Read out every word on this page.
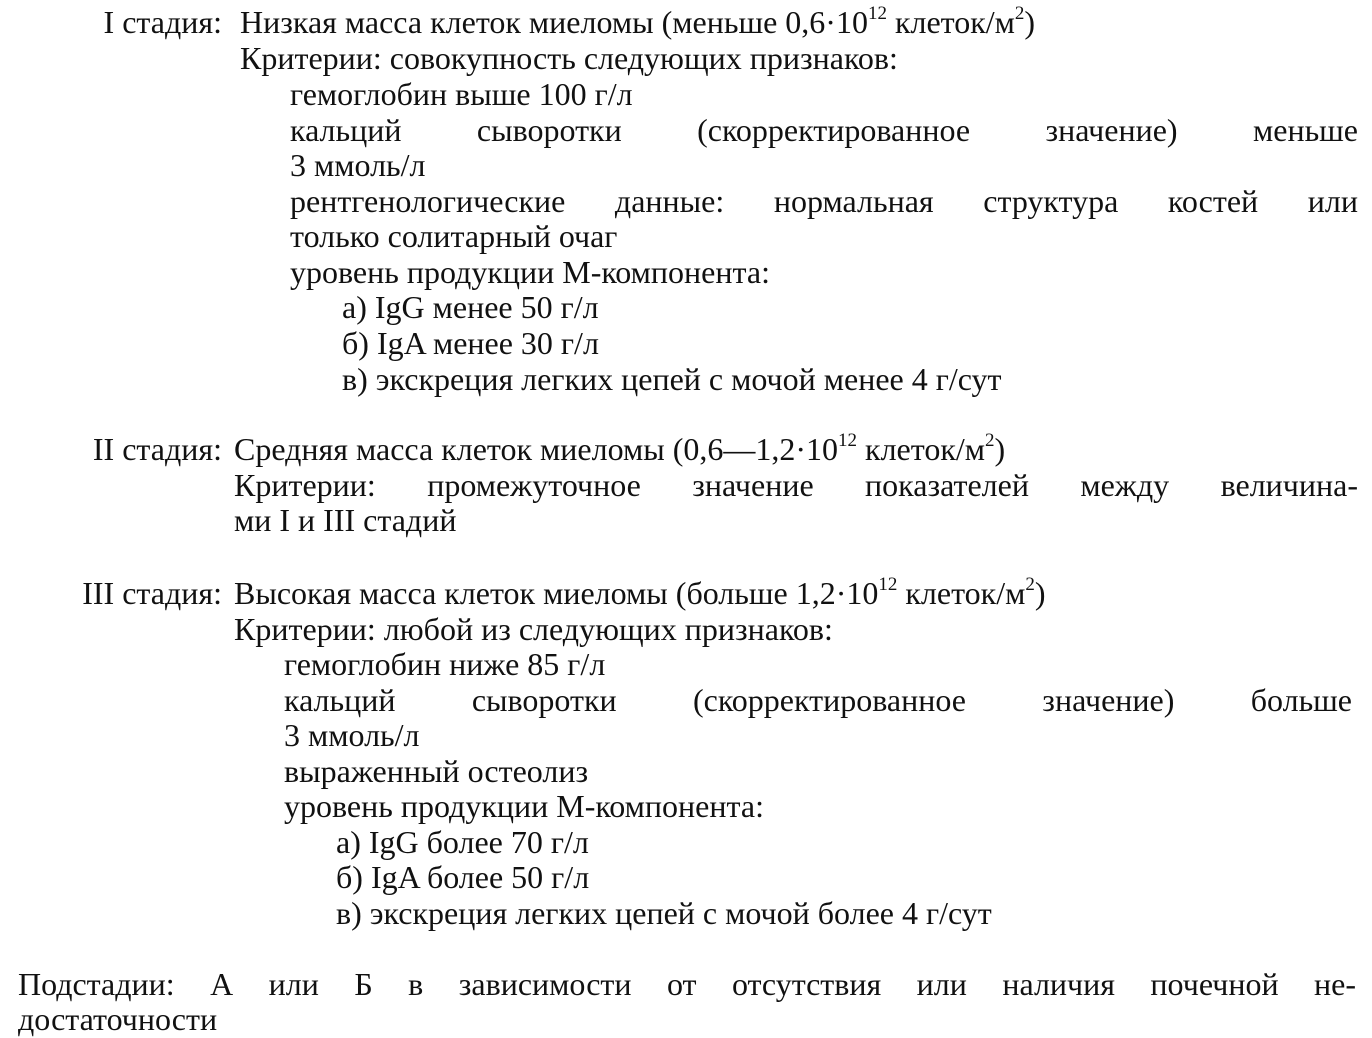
I стадия: Низкая масса клеток миеломы (меньше $0,6\cdot 10^{12}$ клеток/$м^2$)
Критерии: совокупность следующих признаков:
гемоглобин выше 100 г/л
кальций сыворотки (скорректированное значение) меньше
3 ммоль/л
рентгенологические данные: нормальная структура костей или
только солитарный очаг
уровень продукции М-компонента:
а) IgG менее 50 г/л
б) IgA менее 30 г/л
в) экскреция легких цепей с мочой менее 4 г/сут
II стадия: Средняя масса клеток миеломы ($0,6—1,2\cdot 10^{12}$ клеток/$м^2$)
Критерии: промежуточное значение показателей между величина-
ми I и III стадий
III стадия: Высокая масса клеток миеломы (больше $1,2\cdot 10^{12}$ клеток/$м^2$)
Критерии: любой из следующих признаков:
гемоглобин ниже 85 г/л
кальций сыворотки (скорректированное значение) больше
3 ммоль/л
выраженный остеолиз
уровень продукции М-компонента:
а) IgG более 70 г/л
б) IgA более 50 г/л
в) экскреция легких цепей с мочой более 4 г/сут
Подстадии: А или Б в зависимости от отсутствия или наличия почечной не-
достаточности
